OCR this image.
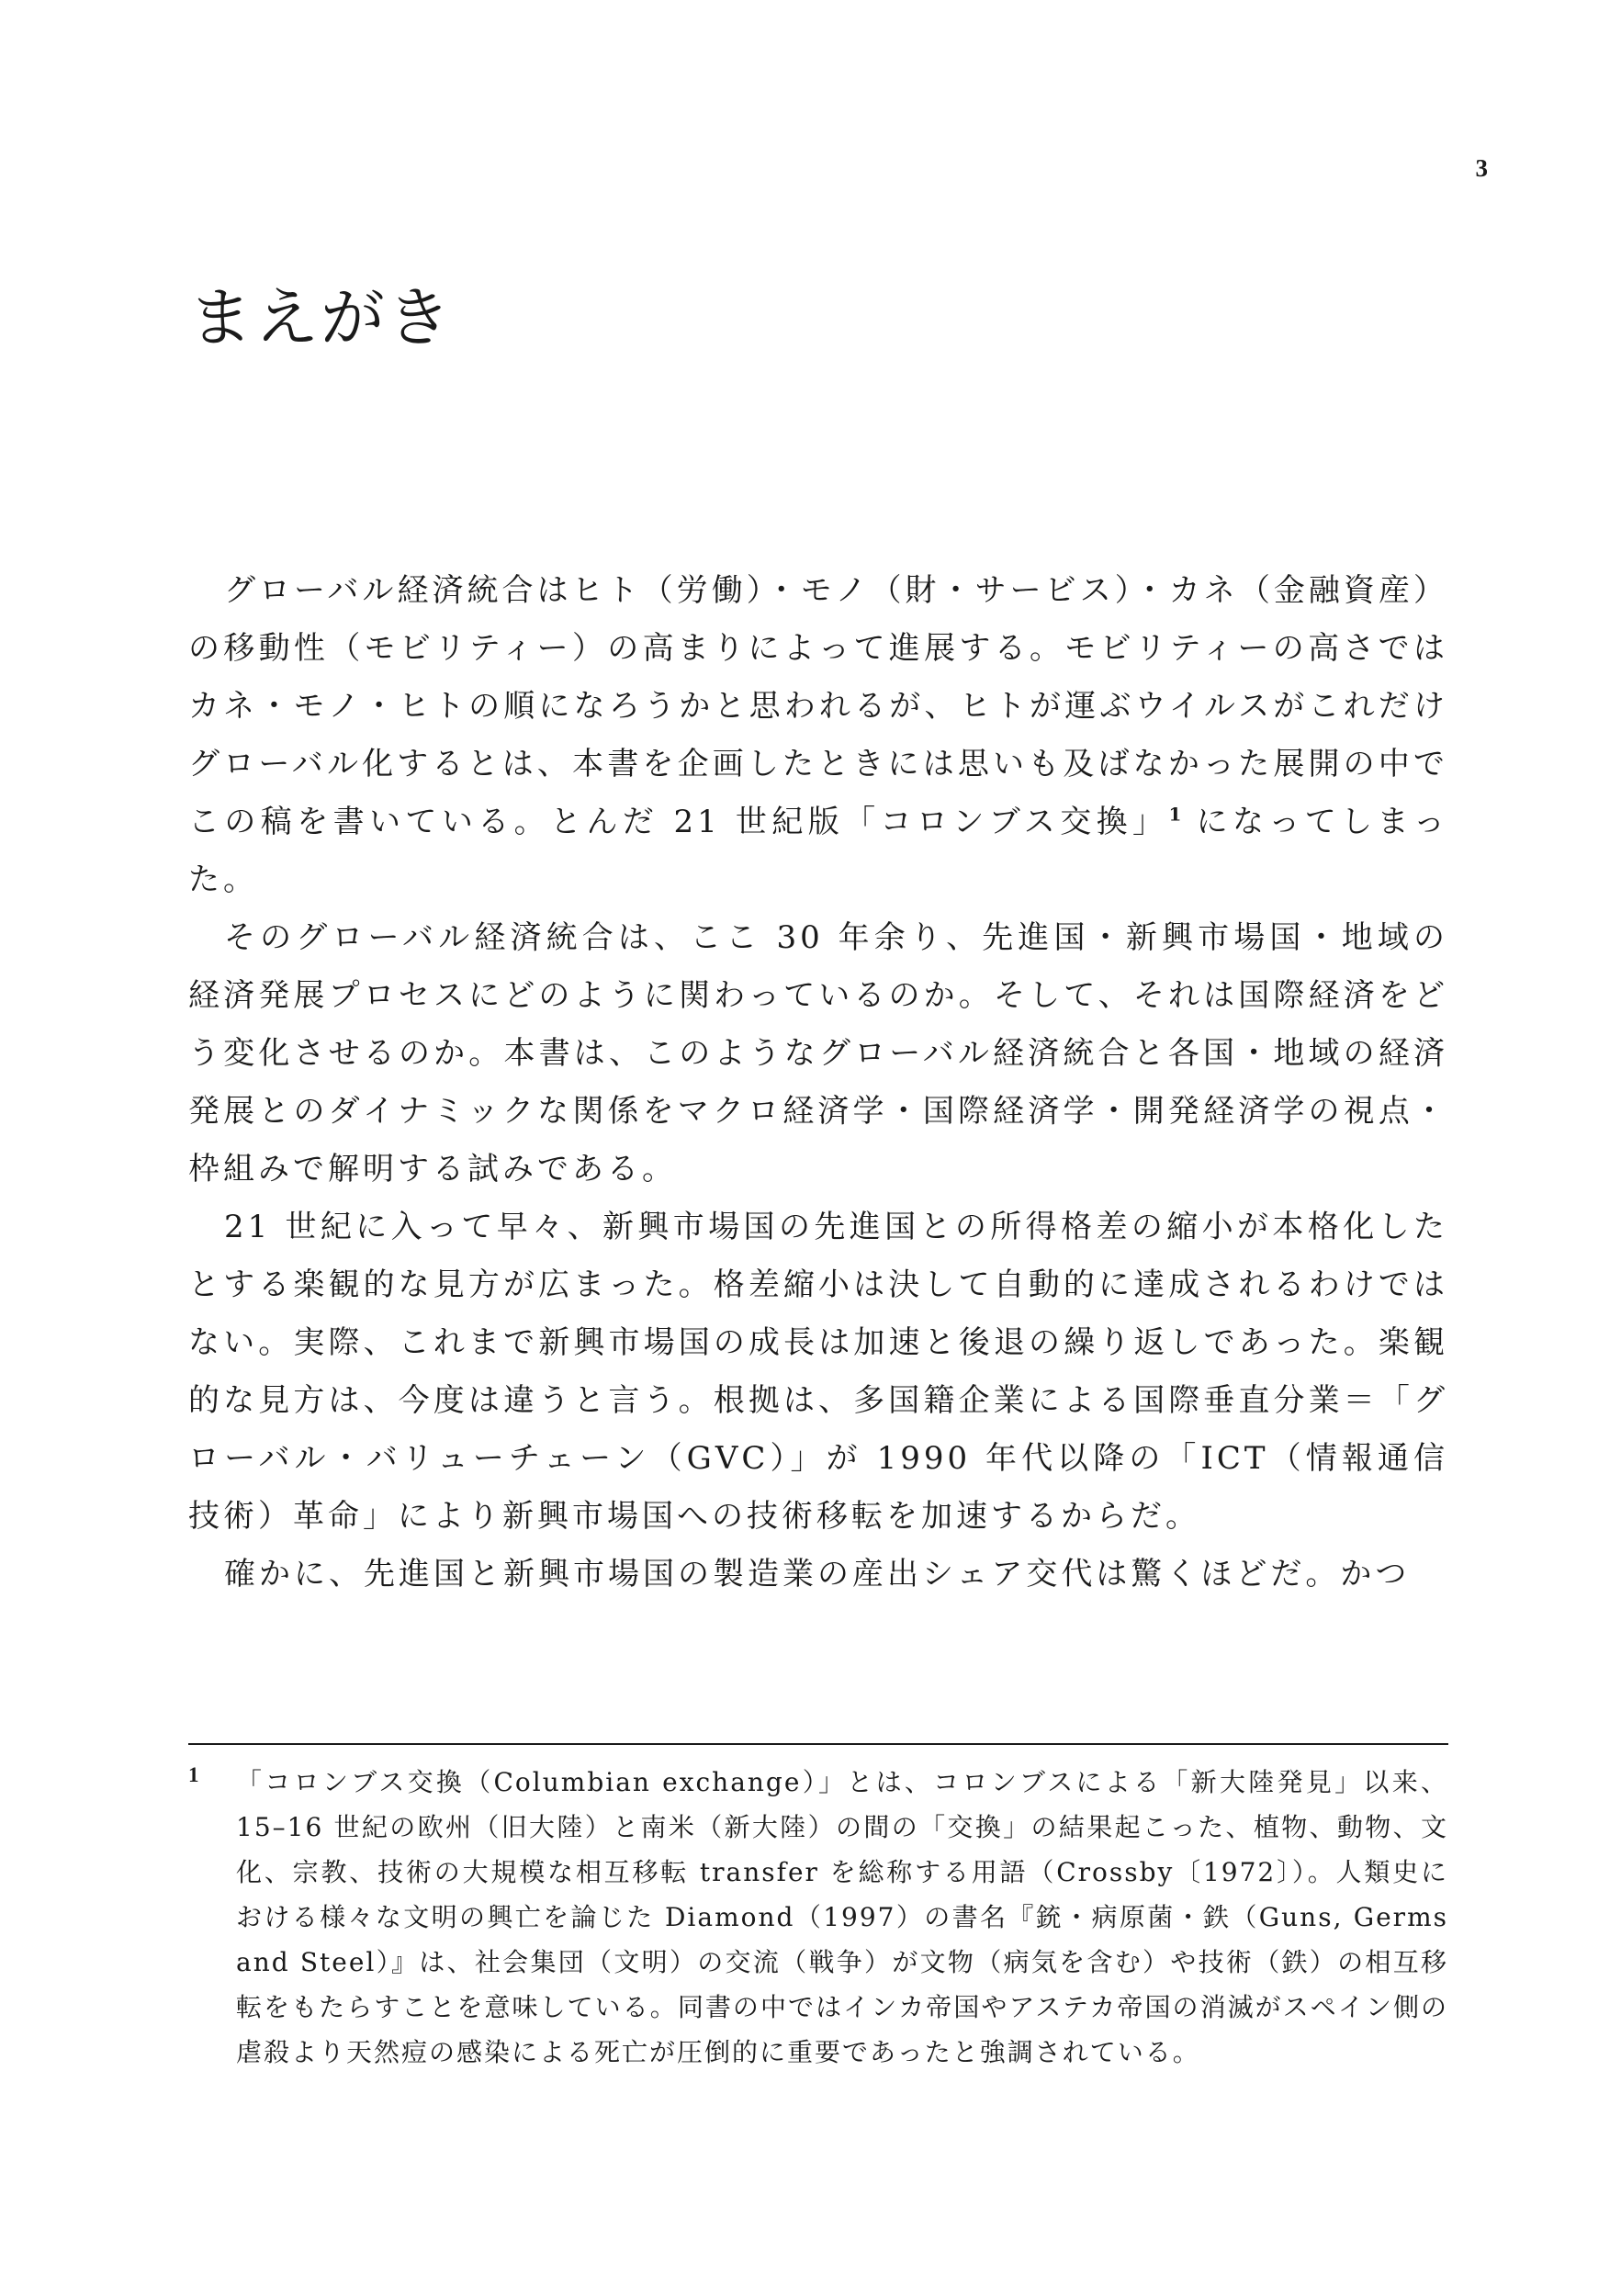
3
まえがき

グローバル経済統合はヒト（労働）・モノ（財・サービス）・カネ（金融資産）の移動性（モビリティー）の高まりによって進展する。モビリティーの高さではカネ・モノ・ヒトの順になろうかと思われるが、ヒトが運ぶウイルスがこれだけグローバル化するとは、本書を企画したときには思いも及ばなかった展開の中でこの稿を書いている。とんだ 21 世紀版「コロンブス交換」$^1$ になってしまった。

そのグローバル経済統合は、ここ 30 年余り、先進国・新興市場国・地域の経済発展プロセスにどのように関わっているのか。そして、それは国際経済をどう変化させるのか。本書は、このようなグローバル経済統合と各国・地域の経済発展とのダイナミックな関係をマクロ経済学・国際経済学・開発経済学の視点・枠組みで解明する試みである。

21 世紀に入って早々、新興市場国の先進国との所得格差の縮小が本格化したとする楽観的な見方が広まった。格差縮小は決して自動的に達成されるわけではない。実際、これまで新興市場国の成長は加速と後退の繰り返しであった。楽観的な見方は、今度は違うと言う。根拠は、多国籍企業による国際垂直分業＝「グローバル・バリューチェーン（GVC）」が 1990 年代以降の「ICT（情報通信技術）革命」により新興市場国への技術移転を加速するからだ。

確かに、先進国と新興市場国の製造業の産出シェア交代は驚くほどだ。かつ

1 「コロンブス交換（Columbian exchange）」とは、コロンブスによる「新大陸発見」以来、15–16 世紀の欧州（旧大陸）と南米（新大陸）の間の「交換」の結果起こった、植物、動物、文化、宗教、技術の大規模な相互移転 transfer を総称する用語（Crossby〔1972〕）。人類史における様々な文明の興亡を論じた Diamond（1997）の書名『銃・病原菌・鉄（Guns, Germs and Steel）』は、社会集団（文明）の交流（戦争）が文物（病気を含む）や技術（鉄）の相互移転をもたらすことを意味している。同書の中ではインカ帝国やアステカ帝国の消滅がスペイン側の虐殺より天然痘の感染による死亡が圧倒的に重要であったと強調されている。
